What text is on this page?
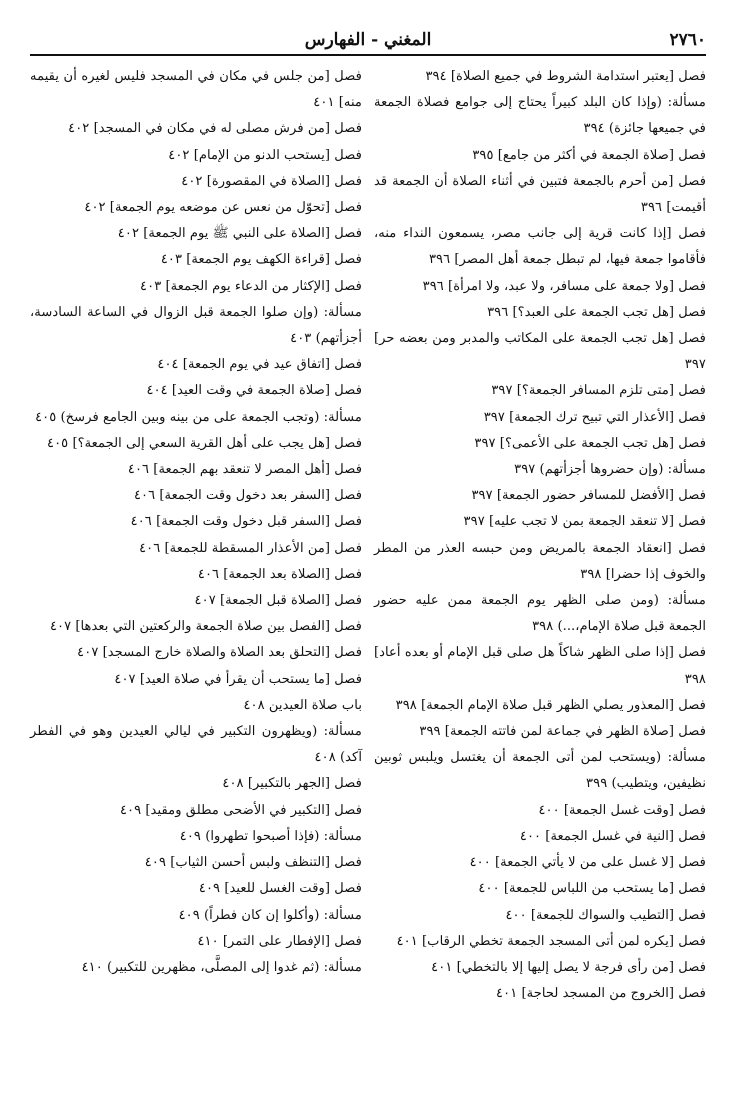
٢٧٦٠
المغني - الفهارس

فصل [يعتبر استدامة الشروط في جميع الصلاة] ٣٩٤

مسألة: (وإذا كان البلد كبيراً يحتاج إلى جوامع فصلاة الجمعة في جميعها جائزة) ٣٩٤

فصل [صلاة الجمعة في أكثر من جامع] ٣٩٥

فصل [من أحرم بالجمعة فتبين في أثناء الصلاة أن الجمعة قد أقيمت] ٣٩٦

فصل [إذا كانت قرية إلى جانب مصر، يسمعون النداء منه، فأقاموا جمعة فيها، لم تبطل جمعة أهل المصر] ٣٩٦

فصل [ولا جمعة على مسافر، ولا عبد، ولا امرأة] ٣٩٦

فصل [هل تجب الجمعة على العبد؟] ٣٩٦

فصل [هل تجب الجمعة على المكاتب والمدبر ومن بعضه حر] ٣٩٧

فصل [متى تلزم المسافر الجمعة؟] ٣٩٧

فصل [الأعذار التي تبيح ترك الجمعة] ٣٩٧

فصل [هل تجب الجمعة على الأعمى؟] ٣٩٧

مسألة: (وإن حضروها أجزأتهم) ٣٩٧

فصل [الأفضل للمسافر حضور الجمعة] ٣٩٧

فصل [لا تنعقد الجمعة بمن لا تجب عليه] ٣٩٧

فصل [انعقاد الجمعة بالمريض ومن حبسه العذر من المطر والخوف إذا حضرا] ٣٩٨

مسألة: (ومن صلى الظهر يوم الجمعة ممن عليه حضور الجمعة قبل صلاة الإمام،...) ٣٩٨

فصل [إذا صلى الظهر شاكاً هل صلى قبل الإمام أو بعده أعاد] ٣٩٨

فصل [المعذور يصلي الظهر قبل صلاة الإمام الجمعة] ٣٩٨

فصل [صلاة الظهر في جماعة لمن فاتته الجمعة] ٣٩٩

مسألة: (ويستحب لمن أتى الجمعة أن يغتسل ويلبس ثوبين نظيفين، ويتطيب) ٣٩٩

فصل [وقت غسل الجمعة] ٤٠٠

فصل [النية في غسل الجمعة] ٤٠٠

فصل [لا غسل على من لا يأتي الجمعة] ٤٠٠

فصل [ما يستحب من اللباس للجمعة] ٤٠٠

فصل [التطيب والسواك للجمعة] ٤٠٠

فصل [يكره لمن أتى المسجد الجمعة تخطي الرقاب] ٤٠١

فصل [من رأى فرجة لا يصل إليها إلا بالتخطي] ٤٠١

فصل [الخروج من المسجد لحاجة] ٤٠١

فصل [من جلس في مكان في المسجد فليس لغيره أن يقيمه منه] ٤٠١

فصل [من فرش مصلى له في مكان في المسجد] ٤٠٢

فصل [يستحب الدنو من الإمام] ٤٠٢

فصل [الصلاة في المقصورة] ٤٠٢

فصل [تحوّل من نعس عن موضعه يوم الجمعة] ٤٠٢

فصل [الصلاة على النبي ﷺ يوم الجمعة] ٤٠٢

فصل [قراءة الكهف يوم الجمعة] ٤٠٣

فصل [الإكثار من الدعاء يوم الجمعة] ٤٠٣

مسألة: (وإن صلوا الجمعة قبل الزوال في الساعة السادسة، أجزأتهم) ٤٠٣

فصل [اتفاق عيد في يوم الجمعة] ٤٠٤

فصل [صلاة الجمعة في وقت العيد] ٤٠٤

مسألة: (وتجب الجمعة على من بينه وبين الجامع فرسخ) ٤٠٥

فصل [هل يجب على أهل القرية السعي إلى الجمعة؟] ٤٠٥

فصل [أهل المصر لا تنعقد بهم الجمعة] ٤٠٦

فصل [السفر بعد دخول وقت الجمعة] ٤٠٦

فصل [السفر قبل دخول وقت الجمعة] ٤٠٦

فصل [من الأعذار المسقطة للجمعة] ٤٠٦

فصل [الصلاة بعد الجمعة] ٤٠٦

فصل [الصلاة قبل الجمعة] ٤٠٧

فصل [الفصل بين صلاة الجمعة والركعتين التي بعدها] ٤٠٧

فصل [التحلق بعد الصلاة والصلاة خارج المسجد] ٤٠٧

فصل [ما يستحب أن يقرأ في صلاة العيد] ٤٠٧

باب صلاة العيدين ٤٠٨

مسألة: (ويظهرون التكبير في ليالي العيدين وهو في الفطر آكد) ٤٠٨

فصل [الجهر بالتكبير] ٤٠٨

فصل [التكبير في الأضحى مطلق ومقيد] ٤٠٩

مسألة: (فإذا أصبحوا تطهروا) ٤٠٩

فصل [التنظف ولبس أحسن الثياب] ٤٠٩

فصل [وقت الغسل للعيد] ٤٠٩

مسألة: (وأكلوا إن كان فطراً) ٤٠٩

فصل [الإفطار على التمر] ٤١٠

مسألة: (ثم غدوا إلى المصلَّى، مظهرين للتكبير) ٤١٠
